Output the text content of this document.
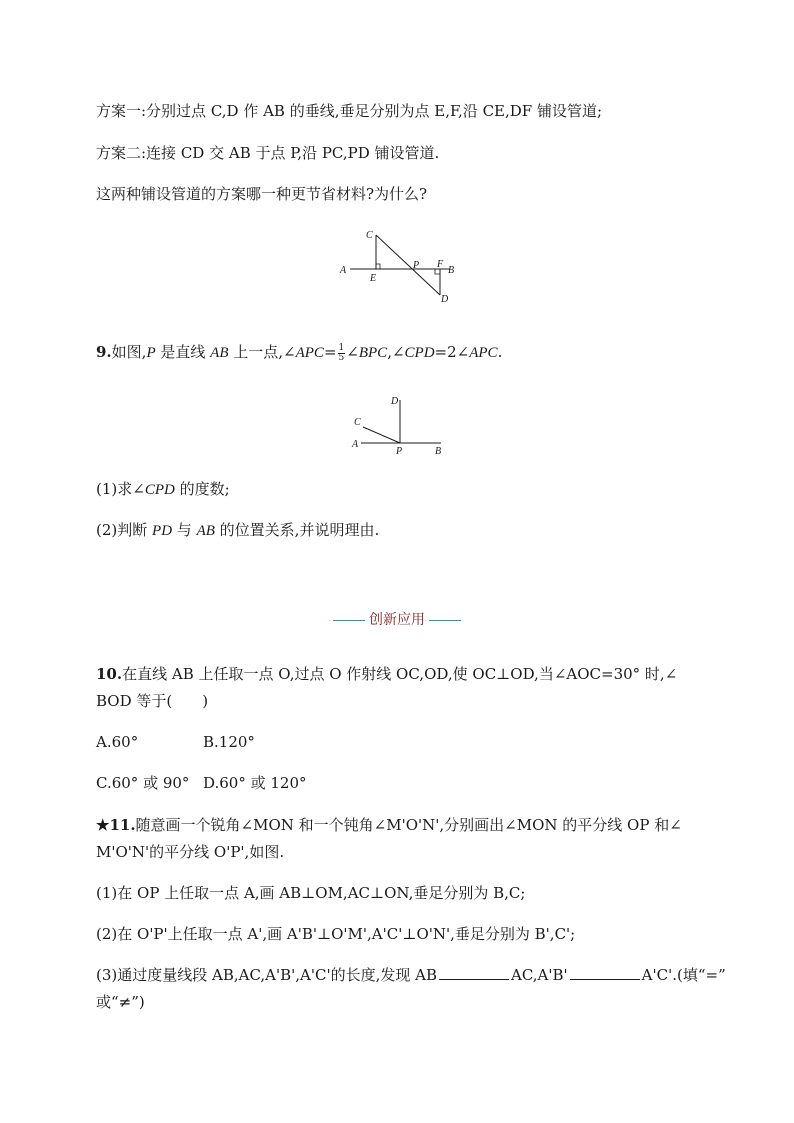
方案一:分别过点 C,D 作 AB 的垂线,垂足分别为点 E,F,沿 CE,DF 铺设管道;
方案二:连接 CD 交 AB 于点 P,沿 PC,PD 铺设管道.
这两种铺设管道的方案哪一种更节省材料?为什么?
A	B
C
D
E
F
P
9.如图,P 是直线 AB 上一点,∠APC= $\frac{1}{5}$ ∠BPC,∠CPD=2∠APC.
A
B
C
D
P
(1)求∠CPD 的度数;
(2)判断 PD 与 AB 的位置关系,并说明理由.
创新应用
10.在直线 AB 上任取一点 O,过点 O 作射线 OC,OD,使 OC⊥OD,当∠AOC=30° 时,∠
BOD 等于(　　)
A.60°	B.120°
C.60° 或 90° D.60° 或 120°
★11.随意画一个锐角∠MON 和一个钝角∠M'O'N',分别画出∠MON 的平分线 OP 和∠
M'O'N'的平分线 O'P',如图.
(1)在 OP 上任取一点 A,画 AB⊥OM,AC⊥ON,垂足分别为 B,C;
(2)在 O'P'上任取一点 A',画 A'B'⊥O'M',A'C'⊥O'N',垂足分别为 B',C';
(3)通过度量线段 AB,AC,A'B',A'C'的长度,发现 AB	AC,A'B'	A'C'.(填“=”
或“≠”)
